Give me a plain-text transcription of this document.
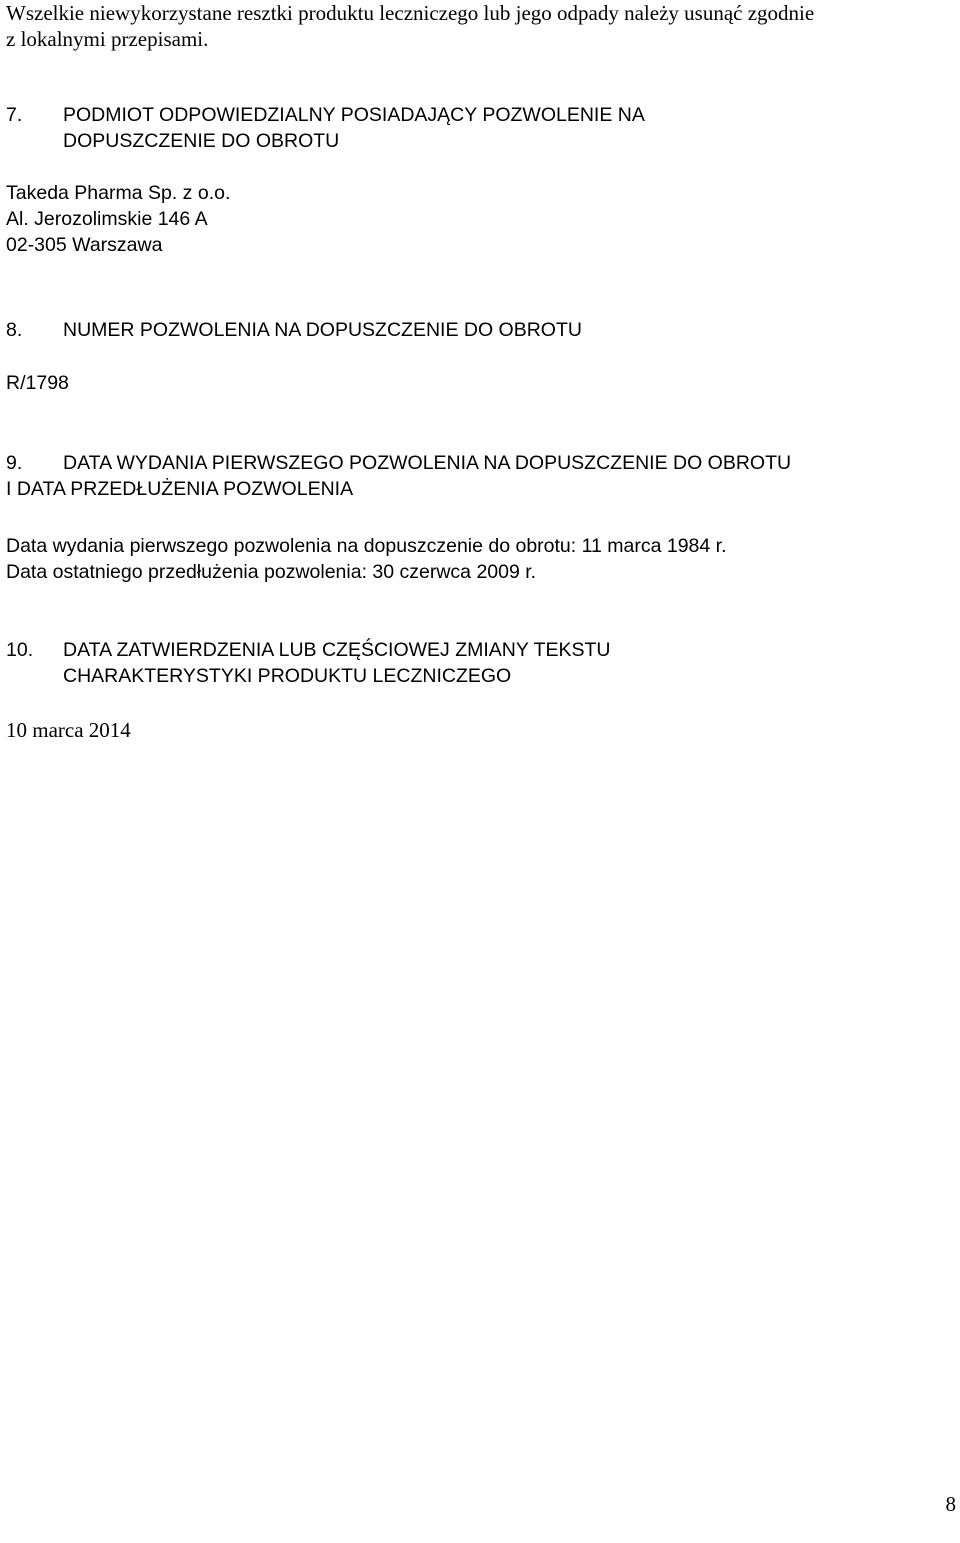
Wszelkie niewykorzystane resztki produktu leczniczego lub jego odpady należy usunąć zgodnie
z lokalnymi przepisami.
7. PODMIOT ODPOWIEDZIALNY POSIADAJĄCY POZWOLENIE NA
DOPUSZCZENIE DO OBROTU
Takeda Pharma Sp. z o.o.
Al. Jerozolimskie 146 A
02-305 Warszawa
8. NUMER POZWOLENIA NA DOPUSZCZENIE DO OBROTU
R/1798
9. DATA WYDANIA PIERWSZEGO POZWOLENIA NA DOPUSZCZENIE DO OBROTU
I DATA PRZEDŁUŻENIA POZWOLENIA
Data wydania pierwszego pozwolenia na dopuszczenie do obrotu: 11 marca 1984 r.
Data ostatniego przedłużenia pozwolenia: 30 czerwca 2009 r.
10. DATA ZATWIERDZENIA LUB CZĘŚCIOWEJ ZMIANY TEKSTU
CHARAKTERYSTYKI PRODUKTU LECZNICZEGO
10 marca 2014
8
